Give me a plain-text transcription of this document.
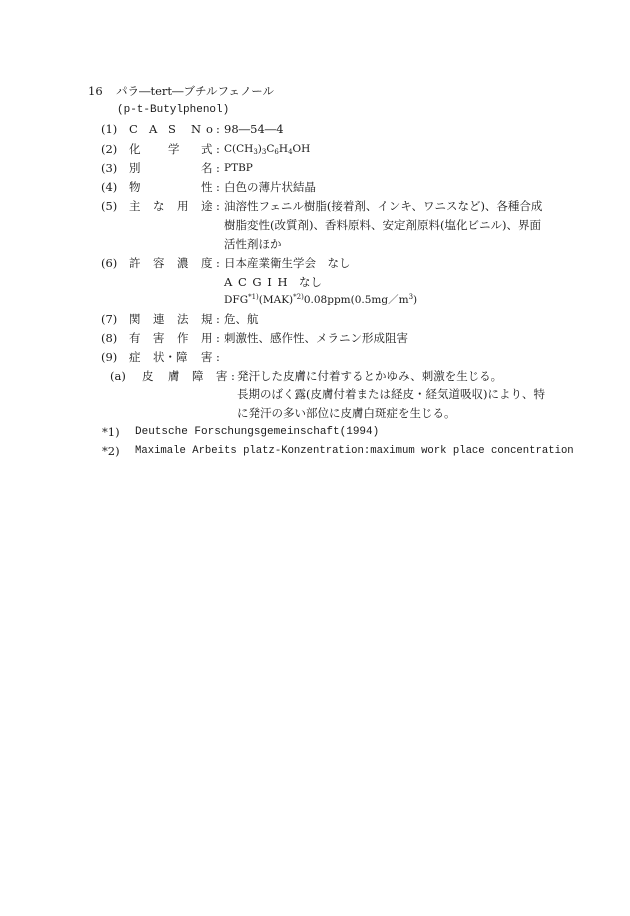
16 パラ―tert―ブチルフェノール
(p-t-Butylphenol)
(1) C A S N o : 98―54―4
(2) 化 学 式 : $C(CH_3)_3C_6H_4OH$
(3) 別	名 : PTBP
(4) 物	性 : 白色の薄片状結晶
(5) 主 な 用 途 : 油溶性フェニル樹脂(接着剤、インキ、ワニスなど)、各種合成
樹脂変性(改質剤)、香料原料、安定剤原料(塩化ビニル)、界面
活性剤ほか
(6) 許 容 濃 度 : 日本産業衛生学会　なし
A C G I H　なし
$DFG^{*1)}(MAK)^{*2)}0.08ppm(0.5mg/m^3)$
(7) 関 連 法 規 : 危、航
(8) 有 害 作 用 : 刺激性、感作性、メラニン形成阻害
(9) 症 状・障 害 :
(a) 皮 膚 障 害 : 発汗した皮膚に付着するとかゆみ、刺激を生じる。
長期のばく露(皮膚付着または経皮・経気道吸収)により、特
に発汗の多い部位に皮膚白斑症を生じる。
*1) Deutsche Forschungsgemeinschaft(1994)
*2) Maximale Arbeits platz-Konzentration:maximum work place concentration
